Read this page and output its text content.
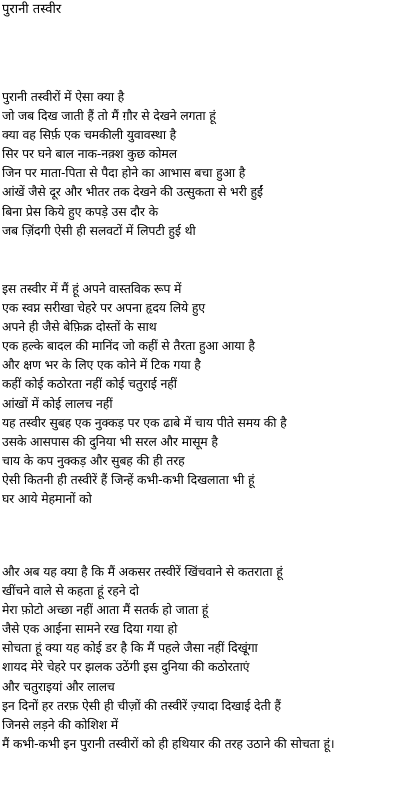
पुरानी तस्वीर
पुरानी तस्वीरों में ऐसा क्या है
जो जब दिख जाती हैं तो मैं ग़ौर से देखने लगता हूं
क्या वह सिर्फ़ एक चमकीली युवावस्था है
सिर पर घने बाल नाक-नक़्श कुछ कोमल
जिन पर माता-पिता से पैदा होने का आभास बचा हुआ है
आंखें जैसे दूर और भीतर तक देखने की उत्सुकता से भरी हुईं
बिना प्रेस किये हुए कपड़े उस दौर के
जब ज़िंदगी ऐसी ही सलवटों में लिपटी हुई थी
इस तस्वीर में मैं हूं अपने वास्तविक रूप में
एक स्वप्न सरीखा चेहरे पर अपना हृदय लिये हुए
अपने ही जैसे बेफ़िक्र दोस्तों के साथ
एक हल्के बादल की मानिंद जो कहीं से तैरता हुआ आया है
और क्षण भर के लिए एक कोने में टिक गया है
कहीं कोई कठोरता नहीं कोई चतुराई नहीं
आंखों में कोई लालच नहीं
यह तस्वीर सुबह एक नुक्कड़ पर एक ढाबे में चाय पीते समय की है
उसके आसपास की दुनिया भी सरल और मासूम है
चाय के कप नुक्कड़ और सुबह की ही तरह
ऐसी कितनी ही तस्वीरें हैं जिन्हें कभी-कभी दिखलाता भी हूं
घर आये मेहमानों को
और अब यह क्या है कि मैं अकसर तस्वीरें खिंचवाने से कतराता हूं
खींचने वाले से कहता हूं रहने दो
मेरा फ़ोटो अच्छा नहीं आता मैं सतर्क हो जाता हूं
जैसे एक आईना सामने रख दिया गया हो
सोचता हूं क्या यह कोई डर है कि मैं पहले जैसा नहीं दिखूंगा
शायद मेरे चेहरे पर झलक उठेंगी इस दुनिया की कठोरताएं
और चतुराइयां और लालच
इन दिनों हर तरफ़ ऐसी ही चीज़ों की तस्वीरें ज़्यादा दिखाई देती हैं
जिनसे लड़ने की कोशिश में
मैं कभी-कभी इन पुरानी तस्वीरों को ही हथियार की तरह उठाने की सोचता हूं।
